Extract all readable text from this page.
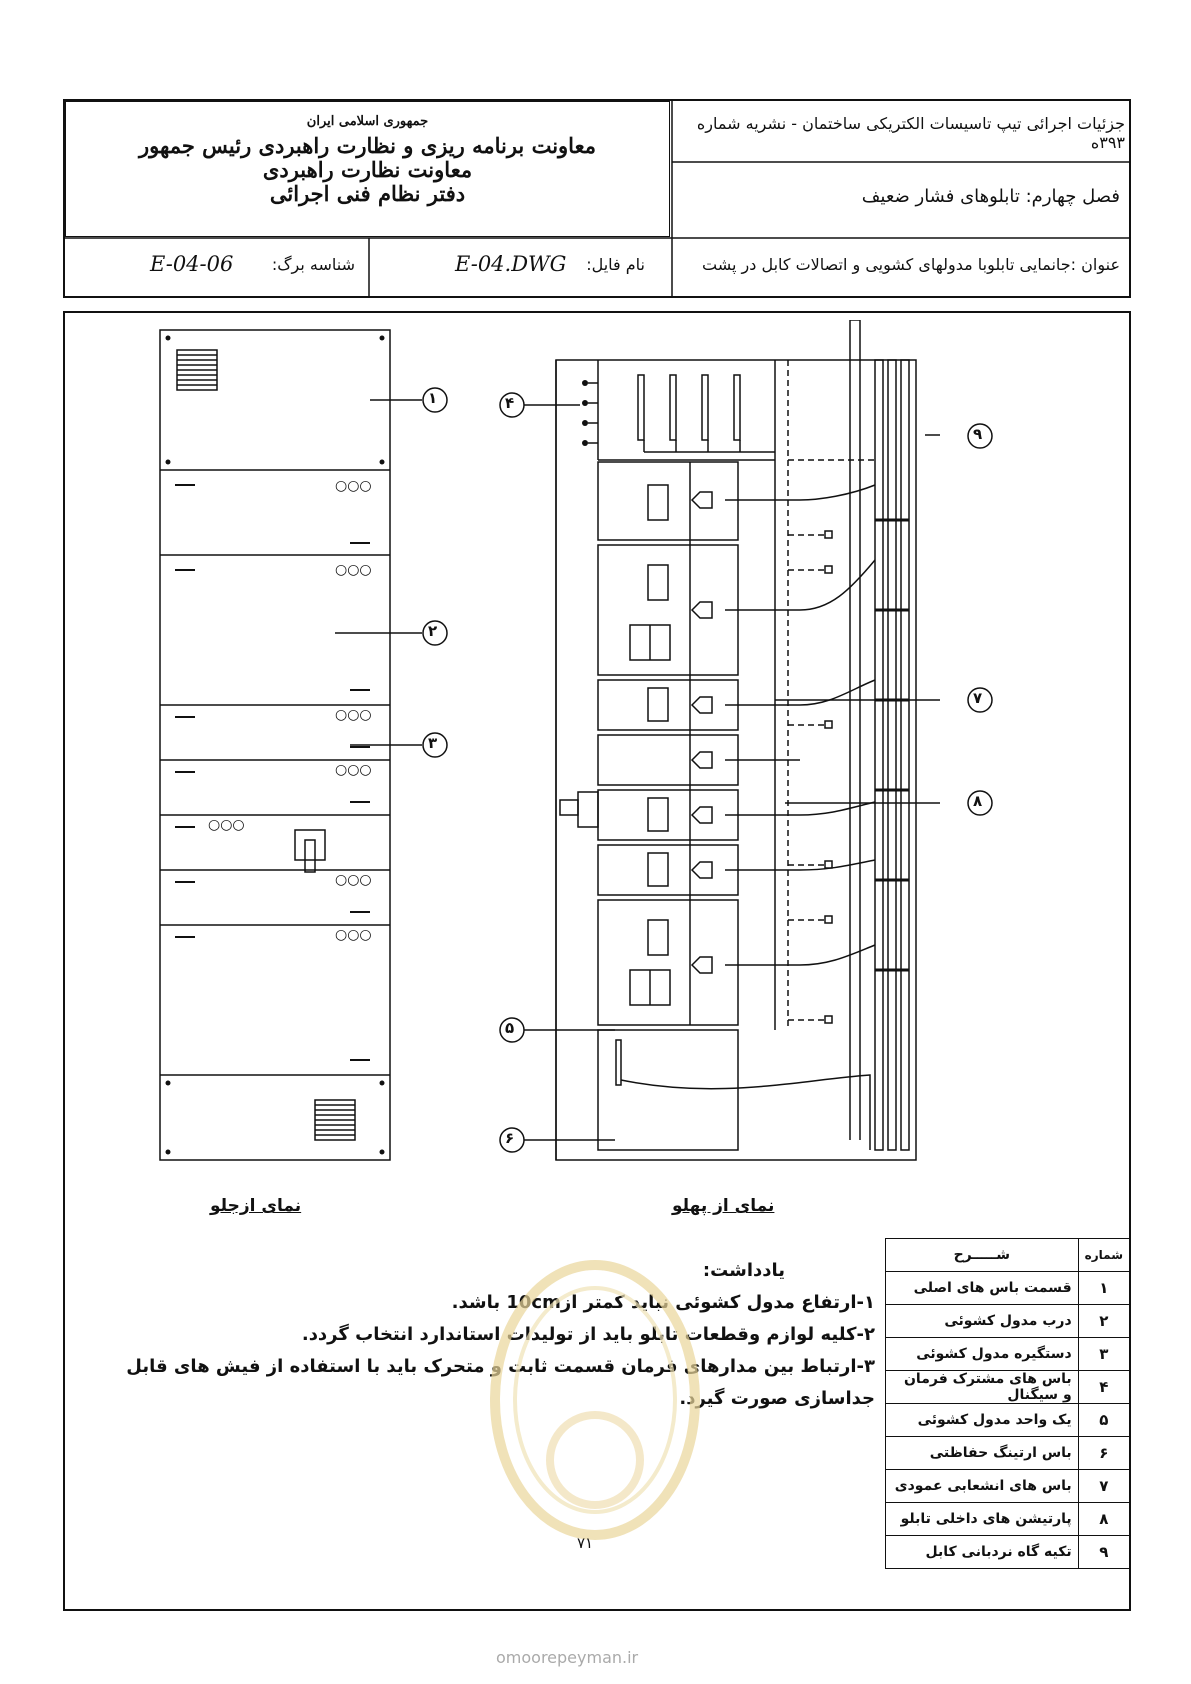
جمهوری اسلامی ایران
معاونت برنامه ریزی و نظارت راهبردی رئیس جمهور
معاونت نظارت راهبردی
دفتر نظام فنی اجرائی
جزئیات اجرائی تیپ تاسیسات الکتریکی ساختمان - نشریه شماره ۳۹۳ه
فصل چهارم: تابلوهای فشار ضعیف
عنوان :جانمایی تابلوبا مدولهای کشویی و اتصالات کابل در پشت
نام فایل:
E-04.DWG
شناسه برگ:
E-04-06
○○○
○○○
○○○
○○○
○○○
○○○
○○○
۱
۲
۳
۴
۵
۶
۷
۸
۹
نمای ازجلو	نمای از پهلو
یادداشت:
۱-ارتفاع مدول کشوئی نباید کمتر از10cm باشد.
۲-کلیه لوازم وقطعات تابلو باید از تولیدات استاندارد انتخاب گردد.
۳-ارتباط بین مدارهای فرمان قسمت ثابت و متحرک باید با استفاده از فیش های قابل جداسازی صورت گیرد.
شـــــرح	شماره
قسمت باس های اصلی	۱
درب مدول کشوئی	۲
دستگیره مدول کشوئی	۳
باس های مشترک فرمان و سیگنال	۴
یک واحد مدول کشوئی	۵
باس ارتینگ حفاظتی	۶
باس های انشعابی عمودی	۷
پارتیشن های داخلی تابلو	۸
تکیه گاه نردبانی کابل	۹
۷۱
omoorepeyman.ir
